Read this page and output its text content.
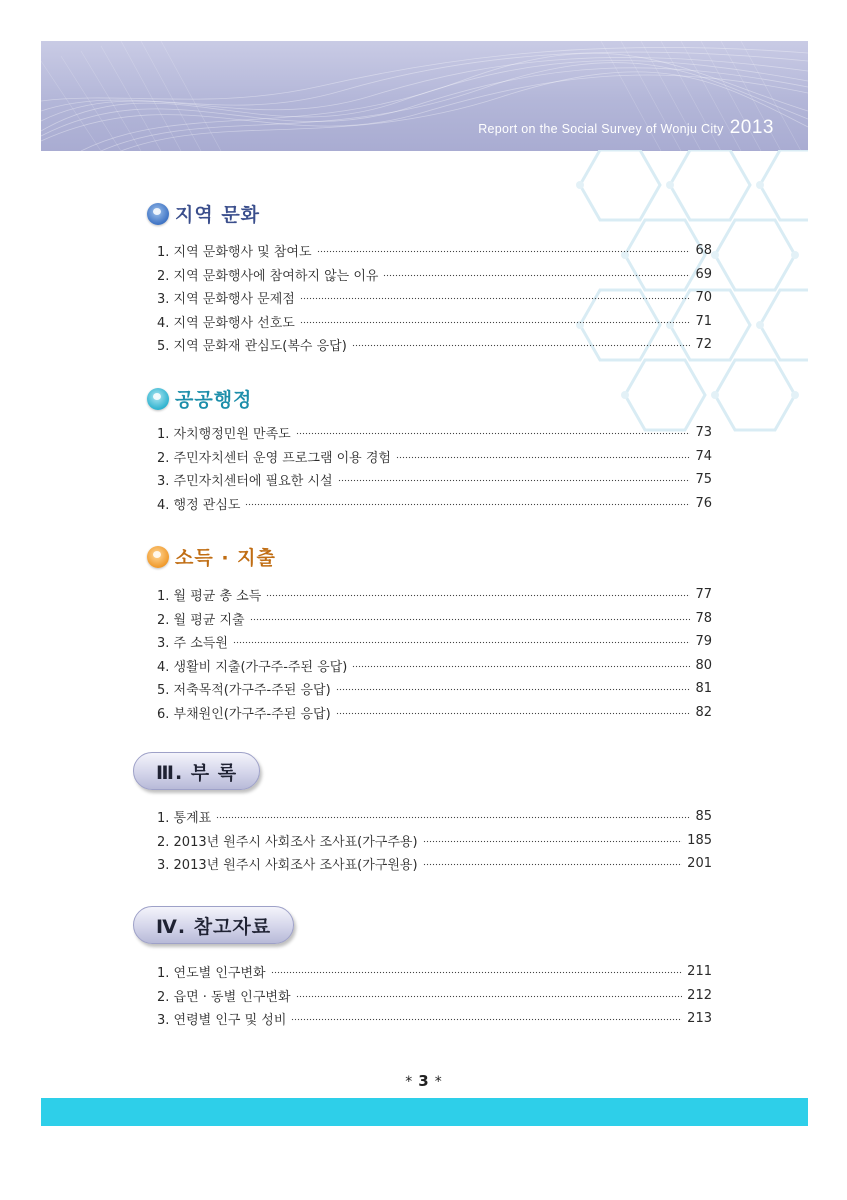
Report on the Social Survey of Wonju City 2013
지역 문화
1. 지역 문화행사 및 참여도	68
2. 지역 문화행사에 참여하지 않는 이유	69
3. 지역 문화행사 문제점	70
4. 지역 문화행사 선호도	71
5. 지역 문화재 관심도(복수 응답)	72
공공행정
1. 자치행정민원 만족도	73
2. 주민자치센터 운영 프로그램 이용 경험	74
3. 주민자치센터에 필요한 시설	75
4. 행정 관심도	76
소득 · 지출
1. 월 평균 총 소득	77
2. 월 평균 지출	78
3. 주 소득원	79
4. 생활비 지출(가구주-주된 응답)	80
5. 저축목적(가구주-주된 응답)	81
6. 부채원인(가구주-주된 응답)	82
Ⅲ. 부 록
1. 통계표	85
2. 2013년 원주시 사회조사 조사표(가구주용)	185
3. 2013년 원주시 사회조사 조사표(가구원용)	201
Ⅳ. 참고자료
1. 연도별 인구변화	211
2. 읍면 · 동별 인구변화	212
3. 연령별 인구 및 성비	213
* 3 *
